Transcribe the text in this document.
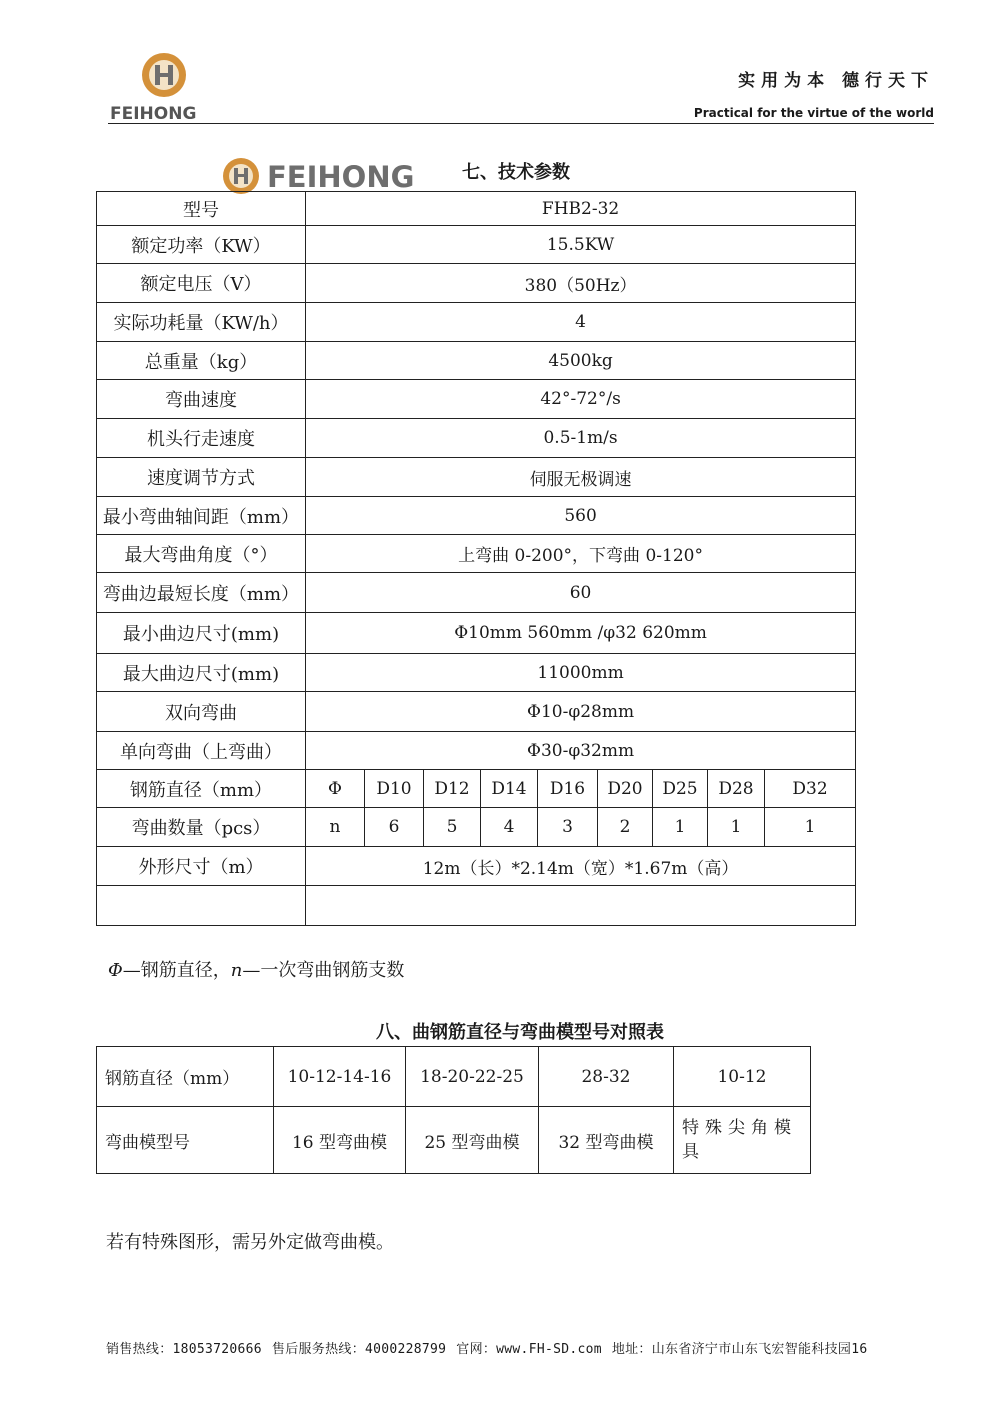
FEIHONG
实用为本 德行天下
Practical for the virtue of the world
FEIHONG	七、技术参数
型号	FHB2-32								
额定功率（KW）	15.5KW								
额定电压（V）	380（50Hz）								
实际功耗量（KW/h）	4								
总重量（kg）	4500kg								
弯曲速度	42°-72°/s								
机头行走速度	0.5-1m/s								
速度调节方式	伺服无极调速								
最小弯曲轴间距（mm）	560								
最大弯曲角度（°）	上弯曲 0-200°，下弯曲 0-120°								
弯曲边最短长度（mm）	60								
最小曲边尺寸(mm)	Φ10mm 560mm /φ32 620mm								
最大曲边尺寸(mm)	11000mm								
双向弯曲	Φ10-φ28mm								
单向弯曲（上弯曲）	Φ30-φ32mm								
钢筋直径（mm）	Φ	D10	D12	D14	D16	D20	D25	D28	D32
弯曲数量（pcs）	n	6	5	4	3	2	1	1	1
外形尺寸（m）	12m（长）*2.14m（宽）*1.67m（高）								

Φ—钢筋直径，n—一次弯曲钢筋支数
八、曲钢筋直径与弯曲模型号对照表
钢筋直径（mm）	10-12-14-16	18-20-22-25	28-32	10-12
弯曲模型号	16 型弯曲模	25 型弯曲模	32 型弯曲模	特殊尖角模具
若有特殊图形，需另外定做弯曲模。
销售热线：18053720666 售后服务热线：4000228799 官网：www.FH-SD.com 地址：山东省济宁市山东飞宏智能科技园16
